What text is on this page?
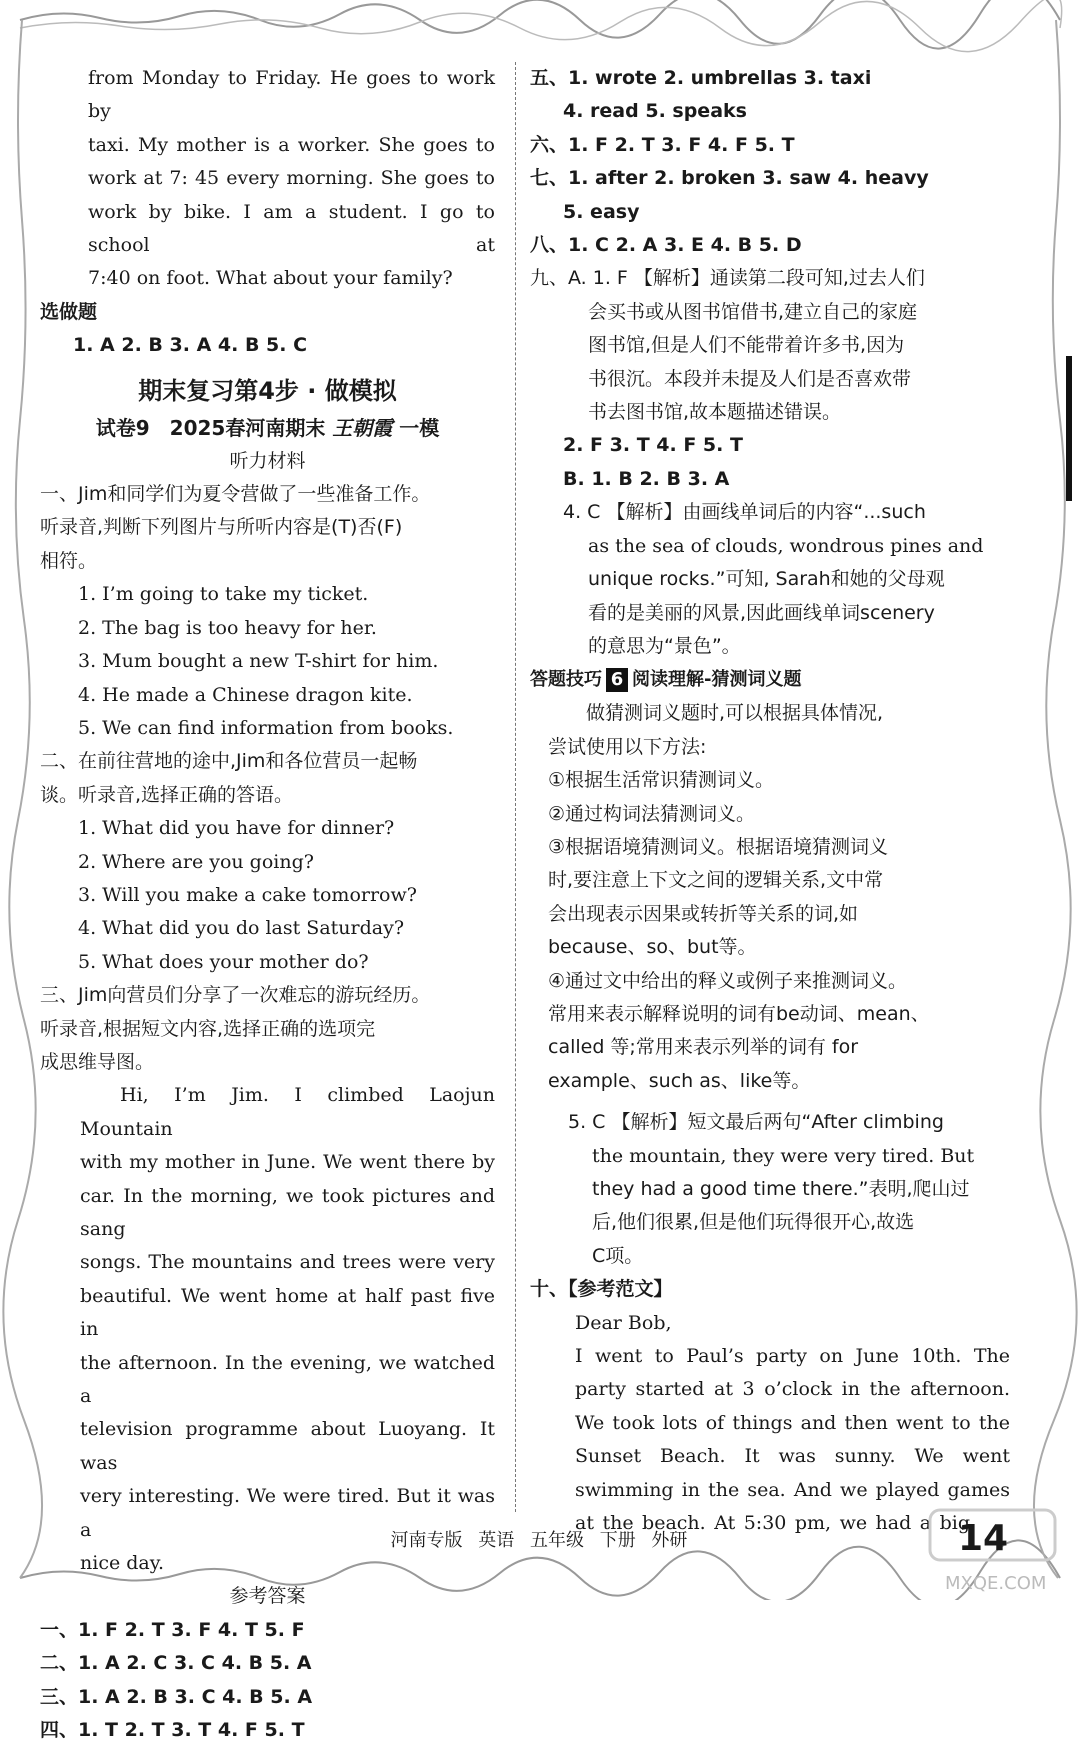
from Monday to Friday. He goes to work by
taxi. My mother is a worker. She goes to
work at 7: 45 every morning. She goes to
work by bike. I am a student. I go to school at
7:40 on foot. What about your family?
选做题
1. A 2. B 3. A 4. B 5. C
期末复习第4步 · 做模拟
试卷9　2025春河南期末 王朝霞 一模
听力材料
一、Jim和同学们为夏令营做了一些准备工作。
听录音,判断下列图片与所听内容是(T)否(F)
相符。
1. I’m going to take my ticket.
2. The bag is too heavy for her.
3. Mum bought a new T-shirt for him.
4. He made a Chinese dragon kite.
5. We can find information from books.
二、在前往营地的途中,Jim和各位营员一起畅
谈。听录音,选择正确的答语。
1. What did you have for dinner?
2. Where are you going?
3. Will you make a cake tomorrow?
4. What did you do last Saturday?
5. What does your mother do?
三、Jim向营员们分享了一次难忘的游玩经历。
听录音,根据短文内容,选择正确的选项完
成思维导图。
Hi, I’m Jim. I climbed Laojun Mountain
with my mother in June. We went there by
car. In the morning, we took pictures and sang
songs. The mountains and trees were very
beautiful. We went home at half past five in
the afternoon. In the evening, we watched a
television programme about Luoyang. It was
very interesting. We were tired. But it was a
nice day.
参考答案
一、1. F 2. T 3. F 4. T 5. F
二、1. A 2. C 3. C 4. B 5. A
三、1. A 2. B 3. C 4. B 5. A
四、1. T 2. T 3. T 4. F 5. T
五、1. wrote 2. umbrellas 3. taxi
4. read 5. speaks
六、1. F 2. T 3. F 4. F 5. T
七、1. after 2. broken 3. saw 4. heavy
5. easy
八、1. C 2. A 3. E 4. B 5. D
九、A. 1. F 【解析】通读第二段可知,过去人们
会买书或从图书馆借书,建立自己的家庭
图书馆,但是人们不能带着许多书,因为
书很沉。本段并未提及人们是否喜欢带
书去图书馆,故本题描述错误。
2. F 3. T 4. F 5. T
B. 1. B 2. B 3. A
4. C 【解析】由画线单词后的内容“...such
as the sea of clouds, wondrous pines and
unique rocks.”可知, Sarah和她的父母观
看的是美丽的风景,因此画线单词scenery
的意思为“景色”。
答题技巧 6 阅读理解-猜测词义题
做猜测词义题时,可以根据具体情况,
尝试使用以下方法:
①根据生活常识猜测词义。
②通过构词法猜测词义。
③根据语境猜测词义。根据语境猜测词义
时,要注意上下文之间的逻辑关系,文中常
会出现表示因果或转折等关系的词,如
because、so、but等。
④通过文中给出的释义或例子来推测词义。
常用来表示解释说明的词有be动词、mean、
called 等;常用来表示列举的词有 for
example、such as、like等。
5. C 【解析】短文最后两句“After climbing
the mountain, they were very tired. But
they had a good time there.”表明,爬山过
后,他们很累,但是他们玩得很开心,故选
C项。
十、【参考范文】
Dear Bob,
I went to Paul’s party on June 10th. The
party started at 3 o’clock in the afternoon.
We took lots of things and then went to the
Sunset Beach. It was sunny. We went
swimming in the sea. And we played games
at the beach. At 5:30 pm, we had a big
河南专版 英语 五年级 下册 外研
MXQE.COM
14
